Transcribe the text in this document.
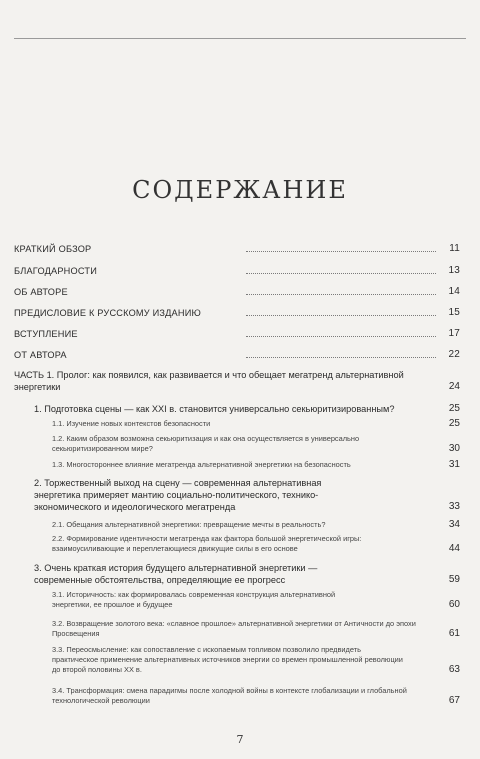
СОДЕРЖАНИЕ
КРАТКИЙ ОБЗОР	11
БЛАГОДАРНОСТИ	13
ОБ АВТОРЕ	14
ПРЕДИСЛОВИЕ К РУССКОМУ ИЗДАНИЮ	15
ВСТУПЛЕНИЕ	17
ОТ АВТОРА	22
ЧАСТЬ 1. Пролог: как появился, как развивается и что обещает мегатренд альтернативной энергетики	24
1. Подготовка сцены — как XXI в. становится универсально секьюритизированным?	25
1.1. Изучение новых контекстов безопасности	25
1.2. Каким образом возможна секьюритизация и как она осуществляется в универсально секьюритизированном мире?	30
1.3. Многостороннее влияние мегатренда альтернативной энергетики на безопасность	31
2. Торжественный выход на сцену — современная альтернативная энергетика примеряет мантию социально-политического, технико-экономического и идеологического мегатренда	33
2.1. Обещания альтернативной энергетики: превращение мечты в реальность?	34
2.2. Формирование идентичности мегатренда как фактора большой энергетической игры: взаимоусиливающие и переплетающиеся движущие силы в его основе	44
3. Очень краткая история будущего альтернативной энергетики — современные обстоятельства, определяющие ее прогресс	59
3.1. Историчность: как формировалась современная конструкция альтернативной энергетики, ее прошлое и будущее	60
3.2. Возвращение золотого века: «славное прошлое» альтернативной энергетики от Античности до эпохи Просвещения	61
3.3. Переосмысление: как сопоставление с ископаемым топливом позволило предвидеть практическое применение альтернативных источников энергии со времен промышленной революции до второй половины XX в.	63
3.4. Трансформация: смена парадигмы после холодной войны в контексте глобализации и глобальной технологической революции	67
7
